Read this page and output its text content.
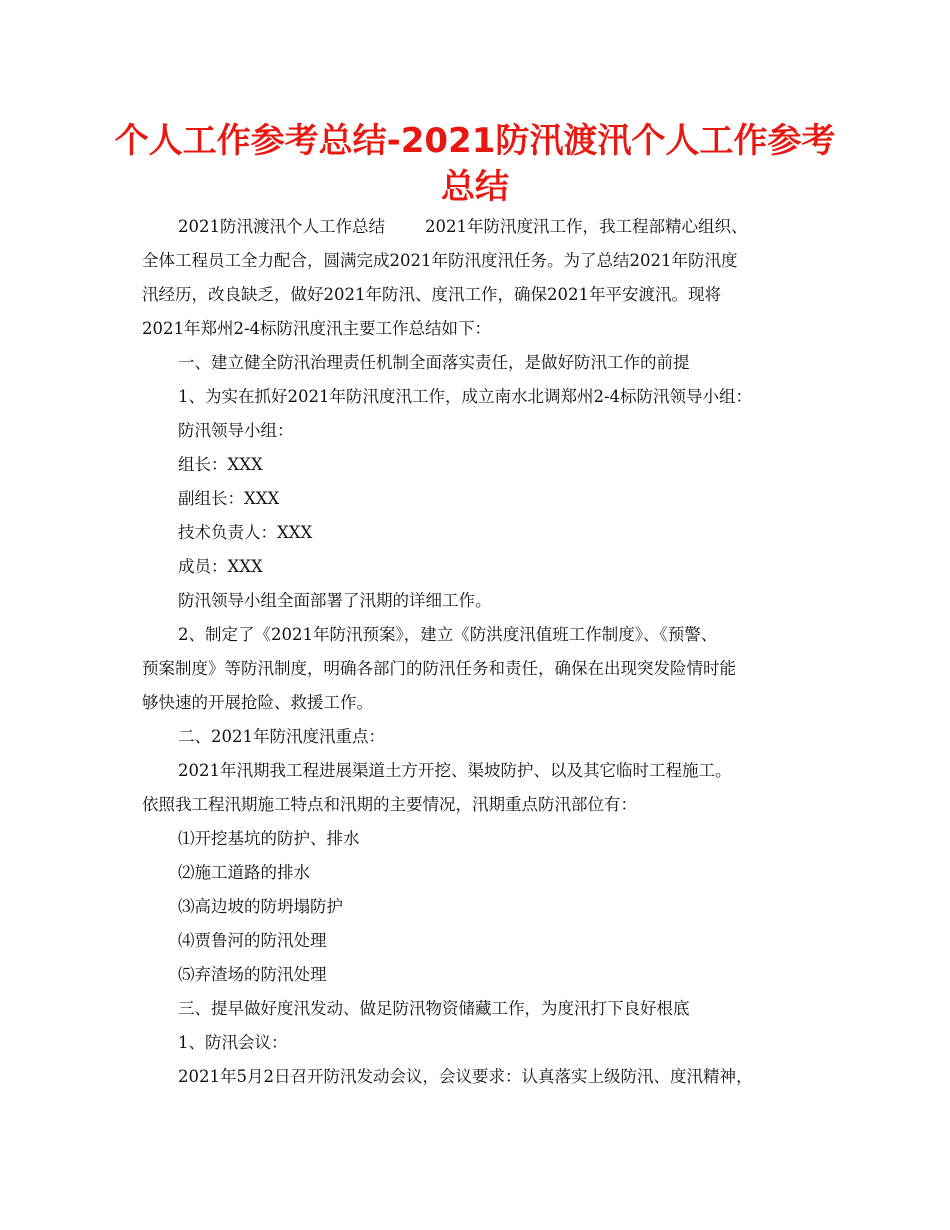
个人工作参考总结-2021防汛渡汛个人工作参考
总结
2021防汛渡汛个人工作总结 2021年防汛度汛工作，我工程部精心组织、
全体工程员工全力配合，圆满完成2021年防汛度汛任务。为了总结2021年防汛度
汛经历，改良缺乏，做好2021年防汛、度汛工作，确保2021年平安渡汛。现将
2021年郑州2-4标防汛度汛主要工作总结如下：
一、建立健全防汛治理责任机制全面落实责任，是做好防汛工作的前提
1、为实在抓好2021年防汛度汛工作，成立南水北调郑州2-4标防汛领导小组：
防汛领导小组：
组长：XXX
副组长：XXX
技术负责人：XXX
成员：XXX
防汛领导小组全面部署了汛期的详细工作。
2、制定了《2021年防汛预案》，建立《防洪度汛值班工作制度》、《预警、
预案制度》等防汛制度，明确各部门的防汛任务和责任，确保在出现突发险情时能
够快速的开展抢险、救援工作。
二、2021年防汛度汛重点：
2021年汛期我工程进展渠道土方开挖、渠坡防护、以及其它临时工程施工。
依照我工程汛期施工特点和汛期的主要情况，汛期重点防汛部位有：
⑴开挖基坑的防护、排水
⑵施工道路的排水
⑶高边坡的防坍塌防护
⑷贾鲁河的防汛处理
⑸弃渣场的防汛处理
三、提早做好度汛发动、做足防汛物资储藏工作，为度汛打下良好根底
1、防汛会议：
2021年5月2日召开防汛发动会议，会议要求：认真落实上级防汛、度汛精神，
